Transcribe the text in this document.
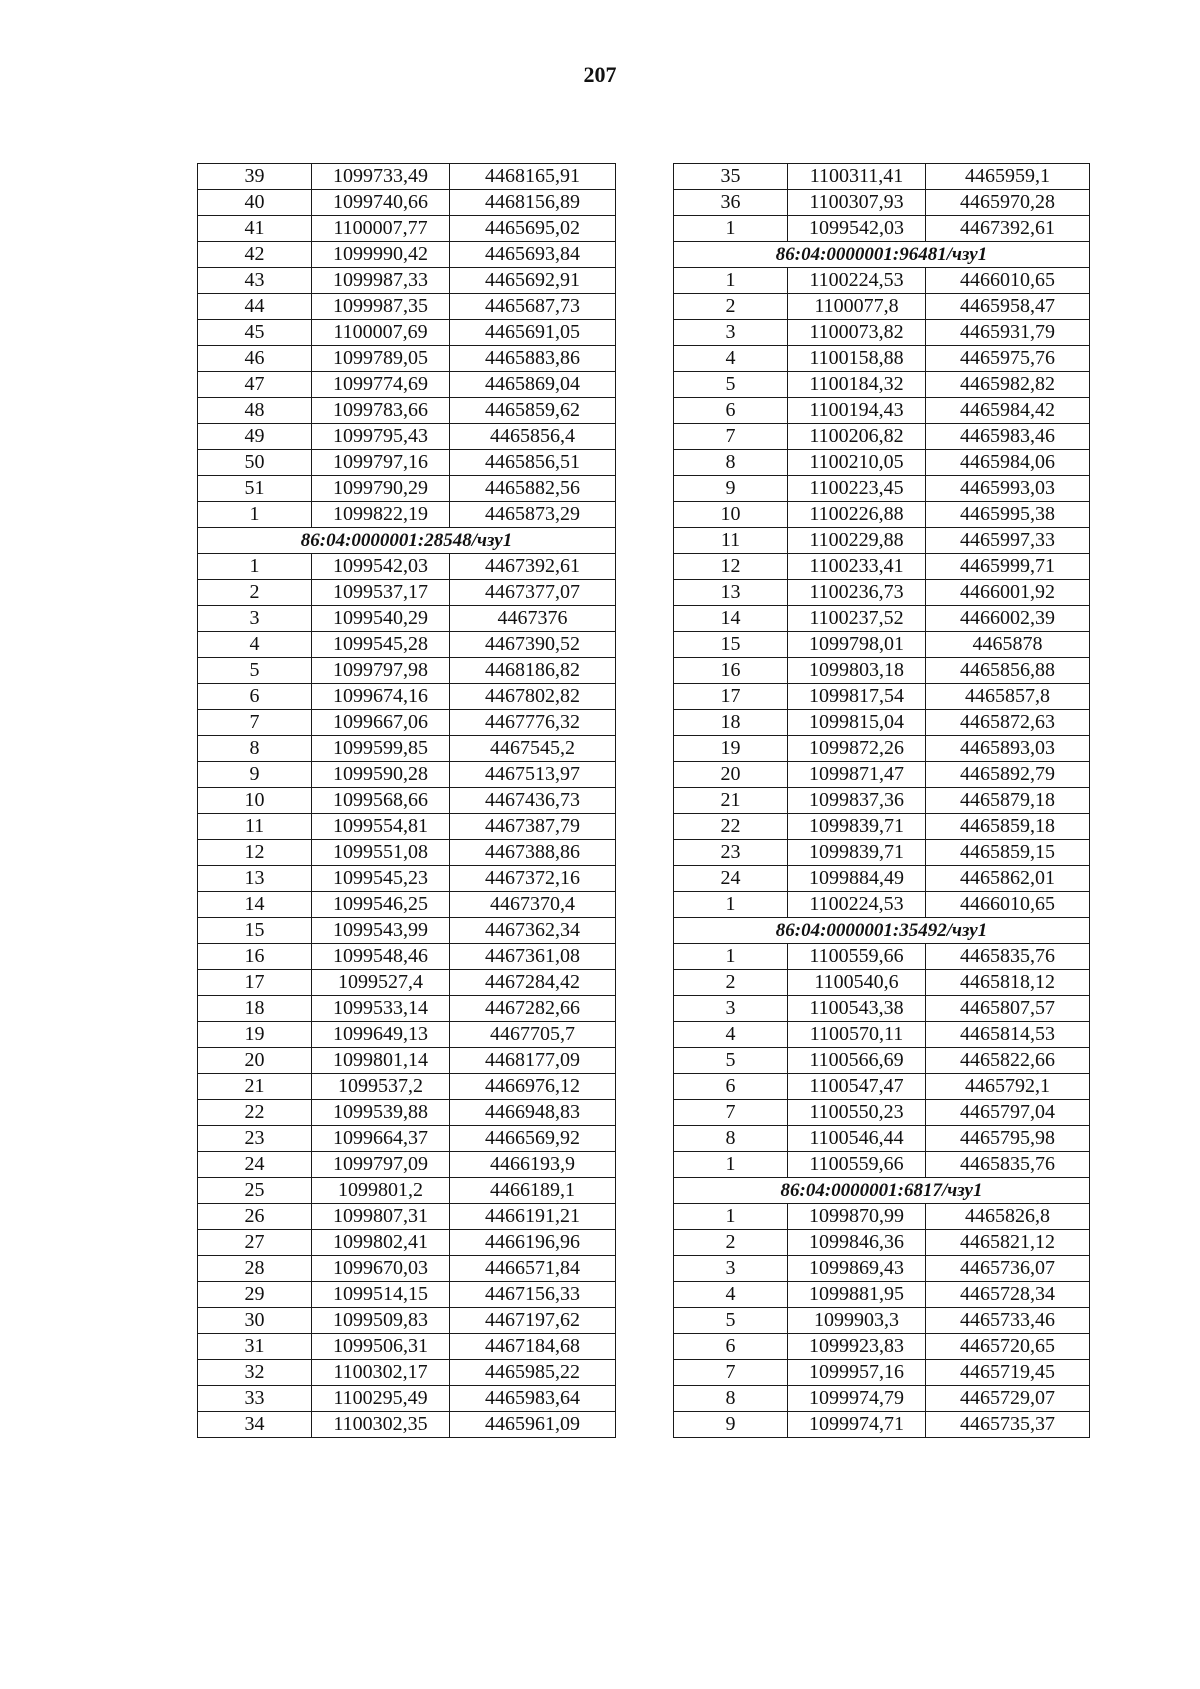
207
39	1099733,49	4468165,91
40	1099740,66	4468156,89
41	1100007,77	4465695,02
42	1099990,42	4465693,84
43	1099987,33	4465692,91
44	1099987,35	4465687,73
45	1100007,69	4465691,05
46	1099789,05	4465883,86
47	1099774,69	4465869,04
48	1099783,66	4465859,62
49	1099795,43	4465856,4
50	1099797,16	4465856,51
51	1099790,29	4465882,56
1	1099822,19	4465873,29
86:04:0000001:28548/чзу1		
1	1099542,03	4467392,61
2	1099537,17	4467377,07
3	1099540,29	4467376
4	1099545,28	4467390,52
5	1099797,98	4468186,82
6	1099674,16	4467802,82
7	1099667,06	4467776,32
8	1099599,85	4467545,2
9	1099590,28	4467513,97
10	1099568,66	4467436,73
11	1099554,81	4467387,79
12	1099551,08	4467388,86
13	1099545,23	4467372,16
14	1099546,25	4467370,4
15	1099543,99	4467362,34
16	1099548,46	4467361,08
17	1099527,4	4467284,42
18	1099533,14	4467282,66
19	1099649,13	4467705,7
20	1099801,14	4468177,09
21	1099537,2	4466976,12
22	1099539,88	4466948,83
23	1099664,37	4466569,92
24	1099797,09	4466193,9
25	1099801,2	4466189,1
26	1099807,31	4466191,21
27	1099802,41	4466196,96
28	1099670,03	4466571,84
29	1099514,15	4467156,33
30	1099509,83	4467197,62
31	1099506,31	4467184,68
32	1100302,17	4465985,22
33	1100295,49	4465983,64
34	1100302,35	4465961,09
35	1100311,41	4465959,1
36	1100307,93	4465970,28
1	1099542,03	4467392,61
86:04:0000001:96481/чзу1		
1	1100224,53	4466010,65
2	1100077,8	4465958,47
3	1100073,82	4465931,79
4	1100158,88	4465975,76
5	1100184,32	4465982,82
6	1100194,43	4465984,42
7	1100206,82	4465983,46
8	1100210,05	4465984,06
9	1100223,45	4465993,03
10	1100226,88	4465995,38
11	1100229,88	4465997,33
12	1100233,41	4465999,71
13	1100236,73	4466001,92
14	1100237,52	4466002,39
15	1099798,01	4465878
16	1099803,18	4465856,88
17	1099817,54	4465857,8
18	1099815,04	4465872,63
19	1099872,26	4465893,03
20	1099871,47	4465892,79
21	1099837,36	4465879,18
22	1099839,71	4465859,18
23	1099839,71	4465859,15
24	1099884,49	4465862,01
1	1100224,53	4466010,65
86:04:0000001:35492/чзу1		
1	1100559,66	4465835,76
2	1100540,6	4465818,12
3	1100543,38	4465807,57
4	1100570,11	4465814,53
5	1100566,69	4465822,66
6	1100547,47	4465792,1
7	1100550,23	4465797,04
8	1100546,44	4465795,98
1	1100559,66	4465835,76
86:04:0000001:6817/чзу1		
1	1099870,99	4465826,8
2	1099846,36	4465821,12
3	1099869,43	4465736,07
4	1099881,95	4465728,34
5	1099903,3	4465733,46
6	1099923,83	4465720,65
7	1099957,16	4465719,45
8	1099974,79	4465729,07
9	1099974,71	4465735,37
